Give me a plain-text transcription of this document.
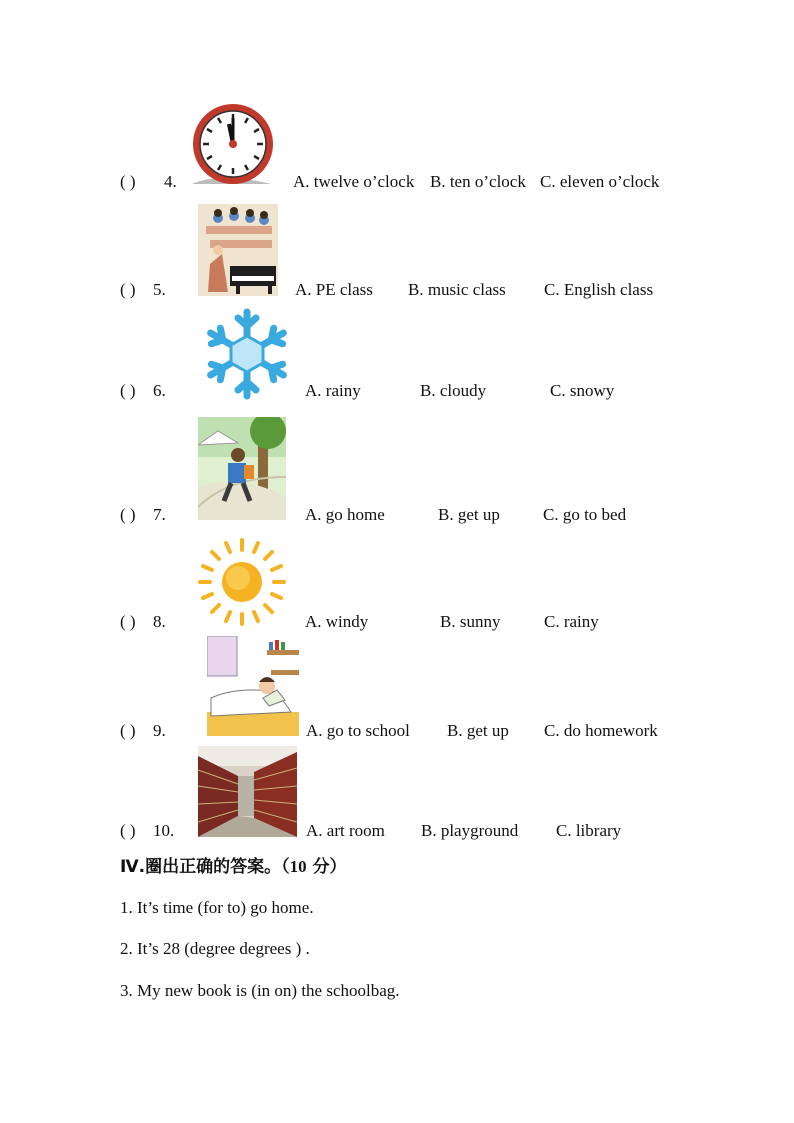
( ) 4.	A. twelve o’clock B. ten o’clock C. eleven o’clock
( ) 5.	A. PE class B. music class C. English class
( ) 6.	A. rainy	B. cloudy	C. snowy
( ) 7.	A. go home	B. get up	C. go to bed
( ) 8.	A. windy	B. sunny	C. rainy
( ) 9.	A. go to school B. get up C. do homework
( ) 10.	A. art room B. playground C. library
Ⅳ.圈出正确的答案。（10 分）
1. It’s time (for to) go home.
2. It’s 28 (degree degrees ) .
3. My new book is (in on) the schoolbag.
